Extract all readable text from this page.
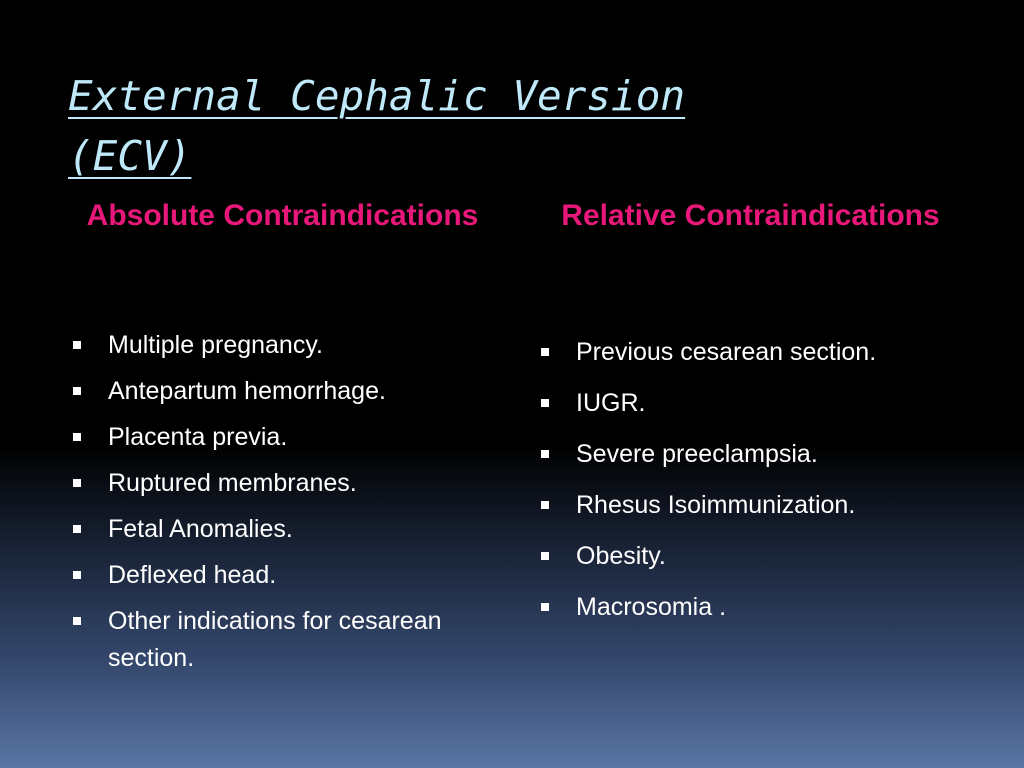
External Cephalic Version (ECV)
Absolute Contraindications	Relative Contraindications
Multiple pregnancy.
Antepartum hemorrhage.
Placenta previa.
Ruptured membranes.
Fetal Anomalies.
Deflexed head.
Other indications for cesarean section.
Previous cesarean section.
IUGR.
Severe preeclampsia.
Rhesus Isoimmunization.
Obesity.
Macrosomia .
